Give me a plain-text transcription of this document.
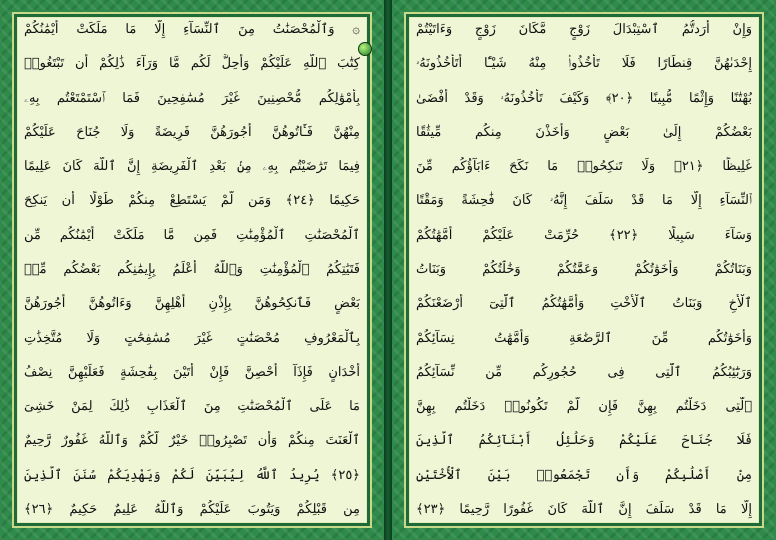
۞ وَٱلْمُحْصَنَٰتُ مِنَ ٱلنِّسَآءِ إِلَّا مَا مَلَكَتْ أَيْمَٰنُكُمْ
كِتَٰبَ ٱللَّهِ عَلَيْكُمْ وَأُحِلَّ لَكُم مَّا وَرَآءَ ذَٰلِكُمْ أَن تَبْتَغُوا۟
بِأَمْوَٰلِكُم مُّحْصِنِينَ غَيْرَ مُسَٰفِحِينَ فَمَا ٱسْتَمْتَعْتُم بِهِۦ
مِنْهُنَّ فَـَٔاتُوهُنَّ أُجُورَهُنَّ فَرِيضَةً وَلَا جُنَاحَ عَلَيْكُمْ
فِيمَا تَرَٰضَيْتُم بِهِۦ مِنۢ بَعْدِ ٱلْفَرِيضَةِ إِنَّ ٱللَّهَ كَانَ عَلِيمًا
حَكِيمًا ﴿٢٤﴾ وَمَن لَّمْ يَسْتَطِعْ مِنكُمْ طَوْلًا أَن يَنكِحَ
ٱلْمُحْصَنَٰتِ ٱلْمُؤْمِنَٰتِ فَمِن مَّا مَلَكَتْ أَيْمَٰنُكُم مِّن
فَتَيَٰتِكُمُ ٱلْمُؤْمِنَٰتِ وَٱللَّهُ أَعْلَمُ بِإِيمَٰنِكُم بَعْضُكُم مِّنۢ
بَعْضٍ فَٱنكِحُوهُنَّ بِإِذْنِ أَهْلِهِنَّ وَءَاتُوهُنَّ أُجُورَهُنَّ
بِٱلْمَعْرُوفِ مُحْصَنَٰتٍ غَيْرَ مُسَٰفِحَٰتٍ وَلَا مُتَّخِذَٰتِ
أَخْدَانٍ فَإِذَآ أُحْصِنَّ فَإِنْ أَتَيْنَ بِفَٰحِشَةٍ فَعَلَيْهِنَّ نِصْفُ
مَا عَلَى ٱلْمُحْصَنَٰتِ مِنَ ٱلْعَذَابِ ذَٰلِكَ لِمَنْ خَشِىَ
ٱلْعَنَتَ مِنكُمْ وَأَن تَصْبِرُوا۟ خَيْرٌ لَّكُمْ وَٱللَّهُ غَفُورٌ رَّحِيمٌ
﴿٢٥﴾ يُرِيدُ ٱللَّهُ لِيُبَيِّنَ لَكُمْ وَيَهْدِيَكُمْ سُنَنَ ٱلَّذِينَ
مِن قَبْلِكُمْ وَيَتُوبَ عَلَيْكُمْ وَٱللَّهُ عَلِيمٌ حَكِيمٌ ﴿٢٦﴾
وَإِنْ أَرَدتُّمُ ٱسْتِبْدَالَ زَوْجٍ مَّكَانَ زَوْجٍ وَءَاتَيْتُمْ
إِحْدَىٰهُنَّ قِنطَارًا فَلَا تَأْخُذُوا۟ مِنْهُ شَيْـًٔا أَتَأْخُذُونَهُۥ
بُهْتَٰنًا وَإِثْمًا مُّبِينًا ﴿٢٠﴾ وَكَيْفَ تَأْخُذُونَهُۥ وَقَدْ أَفْضَىٰ
بَعْضُكُمْ إِلَىٰ بَعْضٍ وَأَخَذْنَ مِنكُم مِّيثَٰقًا
غَلِيظًا ﴿٢١﴾ وَلَا تَنكِحُوا۟ مَا نَكَحَ ءَابَآؤُكُم مِّنَ
ٱلنِّسَآءِ إِلَّا مَا قَدْ سَلَفَ إِنَّهُۥ كَانَ فَٰحِشَةً وَمَقْتًا
وَسَآءَ سَبِيلًا ﴿٢٢﴾ حُرِّمَتْ عَلَيْكُمْ أُمَّهَٰتُكُمْ
وَبَنَاتُكُمْ وَأَخَوَٰتُكُمْ وَعَمَّٰتُكُمْ وَخَٰلَٰتُكُمْ وَبَنَاتُ
ٱلْأَخِ وَبَنَاتُ ٱلْأُخْتِ وَأُمَّهَٰتُكُمُ ٱلَّٰتِىٓ أَرْضَعْنَكُمْ
وَأَخَوَٰتُكُم مِّنَ ٱلرَّضَٰعَةِ وَأُمَّهَٰتُ نِسَآئِكُمْ
وَرَبَٰٓئِبُكُمُ ٱلَّٰتِى فِى حُجُورِكُم مِّن نِّسَآئِكُمُ
ٱلَّٰتِى دَخَلْتُم بِهِنَّ فَإِن لَّمْ تَكُونُوا۟ دَخَلْتُم بِهِنَّ
فَلَا جُنَاحَ عَلَيْكُمْ وَحَلَٰٓئِلُ أَبْنَآئِكُمُ ٱلَّذِينَ
مِنْ أَصْلَٰبِكُمْ وَأَن تَجْمَعُوا۟ بَيْنَ ٱلْأُخْتَيْنِ
إِلَّا مَا قَدْ سَلَفَ إِنَّ ٱللَّهَ كَانَ غَفُورًا رَّحِيمًا ﴿٢٣﴾
